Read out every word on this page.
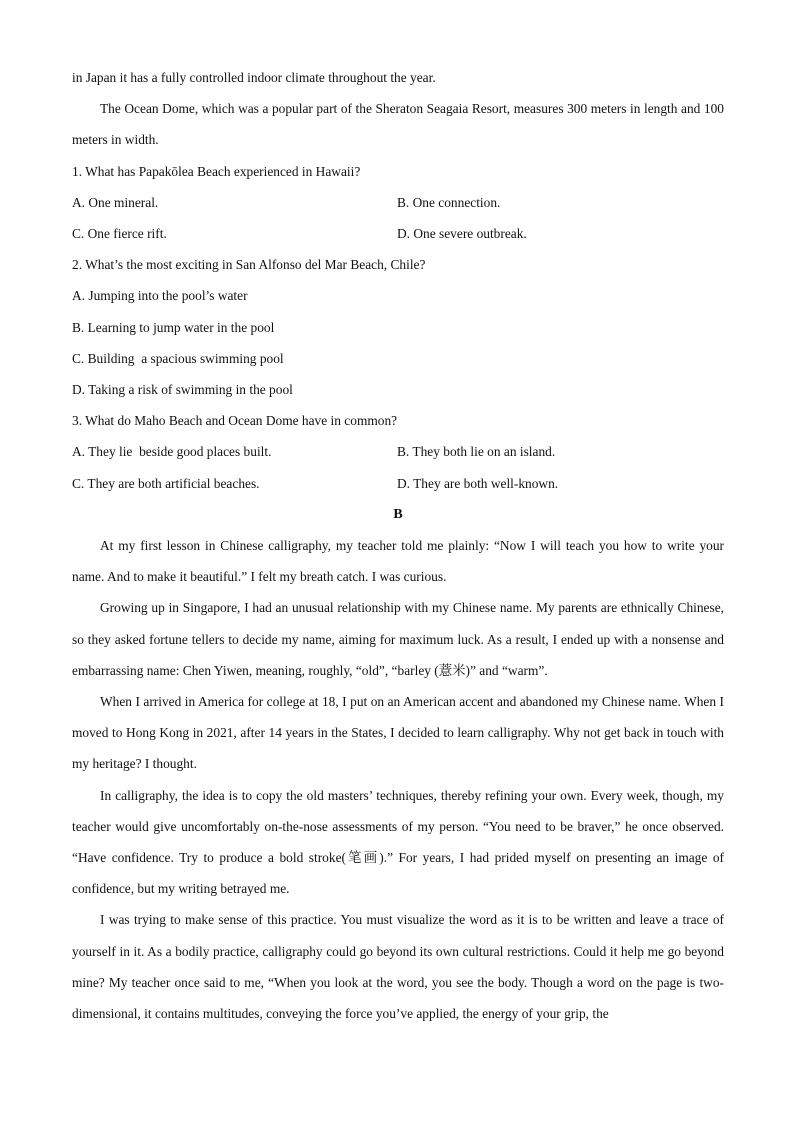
in Japan it has a fully controlled indoor climate throughout the year.

The Ocean Dome, which was a popular part of the Sheraton Seagaia Resort, measures 300 meters in length and 100 meters in width.

1. What has Papakōlea Beach experienced in Hawaii?

A. One mineral.	B. One connection.
C. One fierce rift.	D. One severe outbreak.

2. What’s the most exciting in San Alfonso del Mar Beach, Chile?

A. Jumping into the pool’s water

B. Learning to jump water in the pool

C. Building  a spacious swimming pool

D. Taking a risk of swimming in the pool

3. What do Maho Beach and Ocean Dome have in common?

A. They lie  beside good places built.	B. They both lie on an island.
C. They are both artificial beaches.	D. They are both well-known.

B

At my first lesson in Chinese calligraphy, my teacher told me plainly: “Now I will teach you how to write your name. And to make it beautiful.” I felt my breath catch. I was curious.

Growing up in Singapore, I had an unusual relationship with my Chinese name. My parents are ethnically Chinese, so they asked fortune tellers to decide my name, aiming for maximum luck. As a result, I ended up with a nonsense and embarrassing name: Chen Yiwen, meaning, roughly, “old”, “barley (薏米)” and “warm”.

When I arrived in America for college at 18, I put on an American accent and abandoned my Chinese name. When I moved to Hong Kong in 2021, after 14 years in the States, I decided to learn calligraphy. Why not get back in touch with my heritage? I thought.

In calligraphy, the idea is to copy the old masters’ techniques, thereby refining your own. Every week, though, my teacher would give uncomfortably on-the-nose assessments of my person. “You need to be braver,” he once observed. “Have confidence. Try to produce a bold stroke(笔画).” For years, I had prided myself on presenting an image of confidence, but my writing betrayed me.

I was trying to make sense of this practice. You must visualize the word as it is to be written and leave a trace of yourself in it. As a bodily practice, calligraphy could go beyond its own cultural restrictions. Could it help me go beyond mine? My teacher once said to me, “When you look at the word, you see the body. Though a word on the page is two-dimensional, it contains multitudes, conveying the force you’ve applied, the energy of your grip, the
